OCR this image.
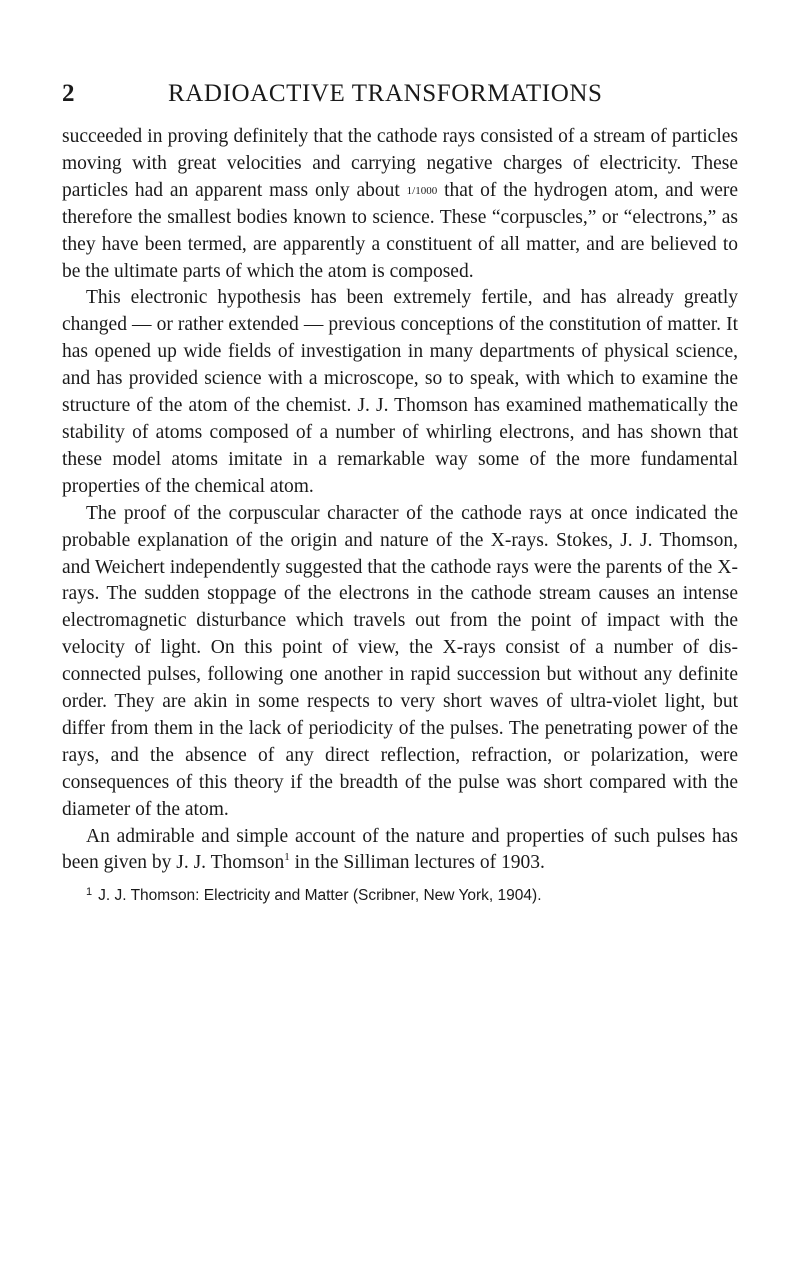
2	RADIOACTIVE TRANSFORMATIONS

succeeded in proving definitely that the cathode rays consisted of a stream of particles moving with great velocities and carrying negative charges of electricity. These particles had an apparent mass only about 1/1000 that of the hydrogen atom, and were therefore the smallest bodies known to science. These “corpuscles,” or “electrons,” as they have been termed, are apparently a constituent of all matter, and are believed to be the ultimate parts of which the atom is composed.

This electronic hypothesis has been extremely fertile, and has already greatly changed — or rather extended — previous conceptions of the constitution of matter. It has opened up wide fields of investigation in many departments of physical science, and has provided science with a microscope, so to speak, with which to examine the structure of the atom of the chemist. J. J. Thomson has examined mathematically the stability of atoms composed of a number of whirling electrons, and has shown that these model atoms imitate in a remarkable way some of the more fundamental properties of the chemical atom.

The proof of the corpuscular character of the cathode rays at once indicated the probable explanation of the origin and nature of the X-rays. Stokes, J. J. Thomson, and Weichert independently suggested that the cathode rays were the parents of the X-rays. The sudden stoppage of the electrons in the cathode stream causes an intense electromagnetic disturbance which travels out from the point of impact with the velocity of light. On this point of view, the X-rays consist of a number of disconnected pulses, following one another in rapid succession but without any definite order. They are akin in some respects to very short waves of ultra-violet light, but differ from them in the lack of periodicity of the pulses. The penetrating power of the rays, and the absence of any direct reflection, refraction, or polarization, were consequences of this theory if the breadth of the pulse was short compared with the diameter of the atom.

An admirable and simple account of the nature and properties of such pulses has been given by J. J. Thomson$^1$ in the Silliman lectures of 1903.

$^1$ J. J. Thomson: Electricity and Matter (Scribner, New York, 1904).
